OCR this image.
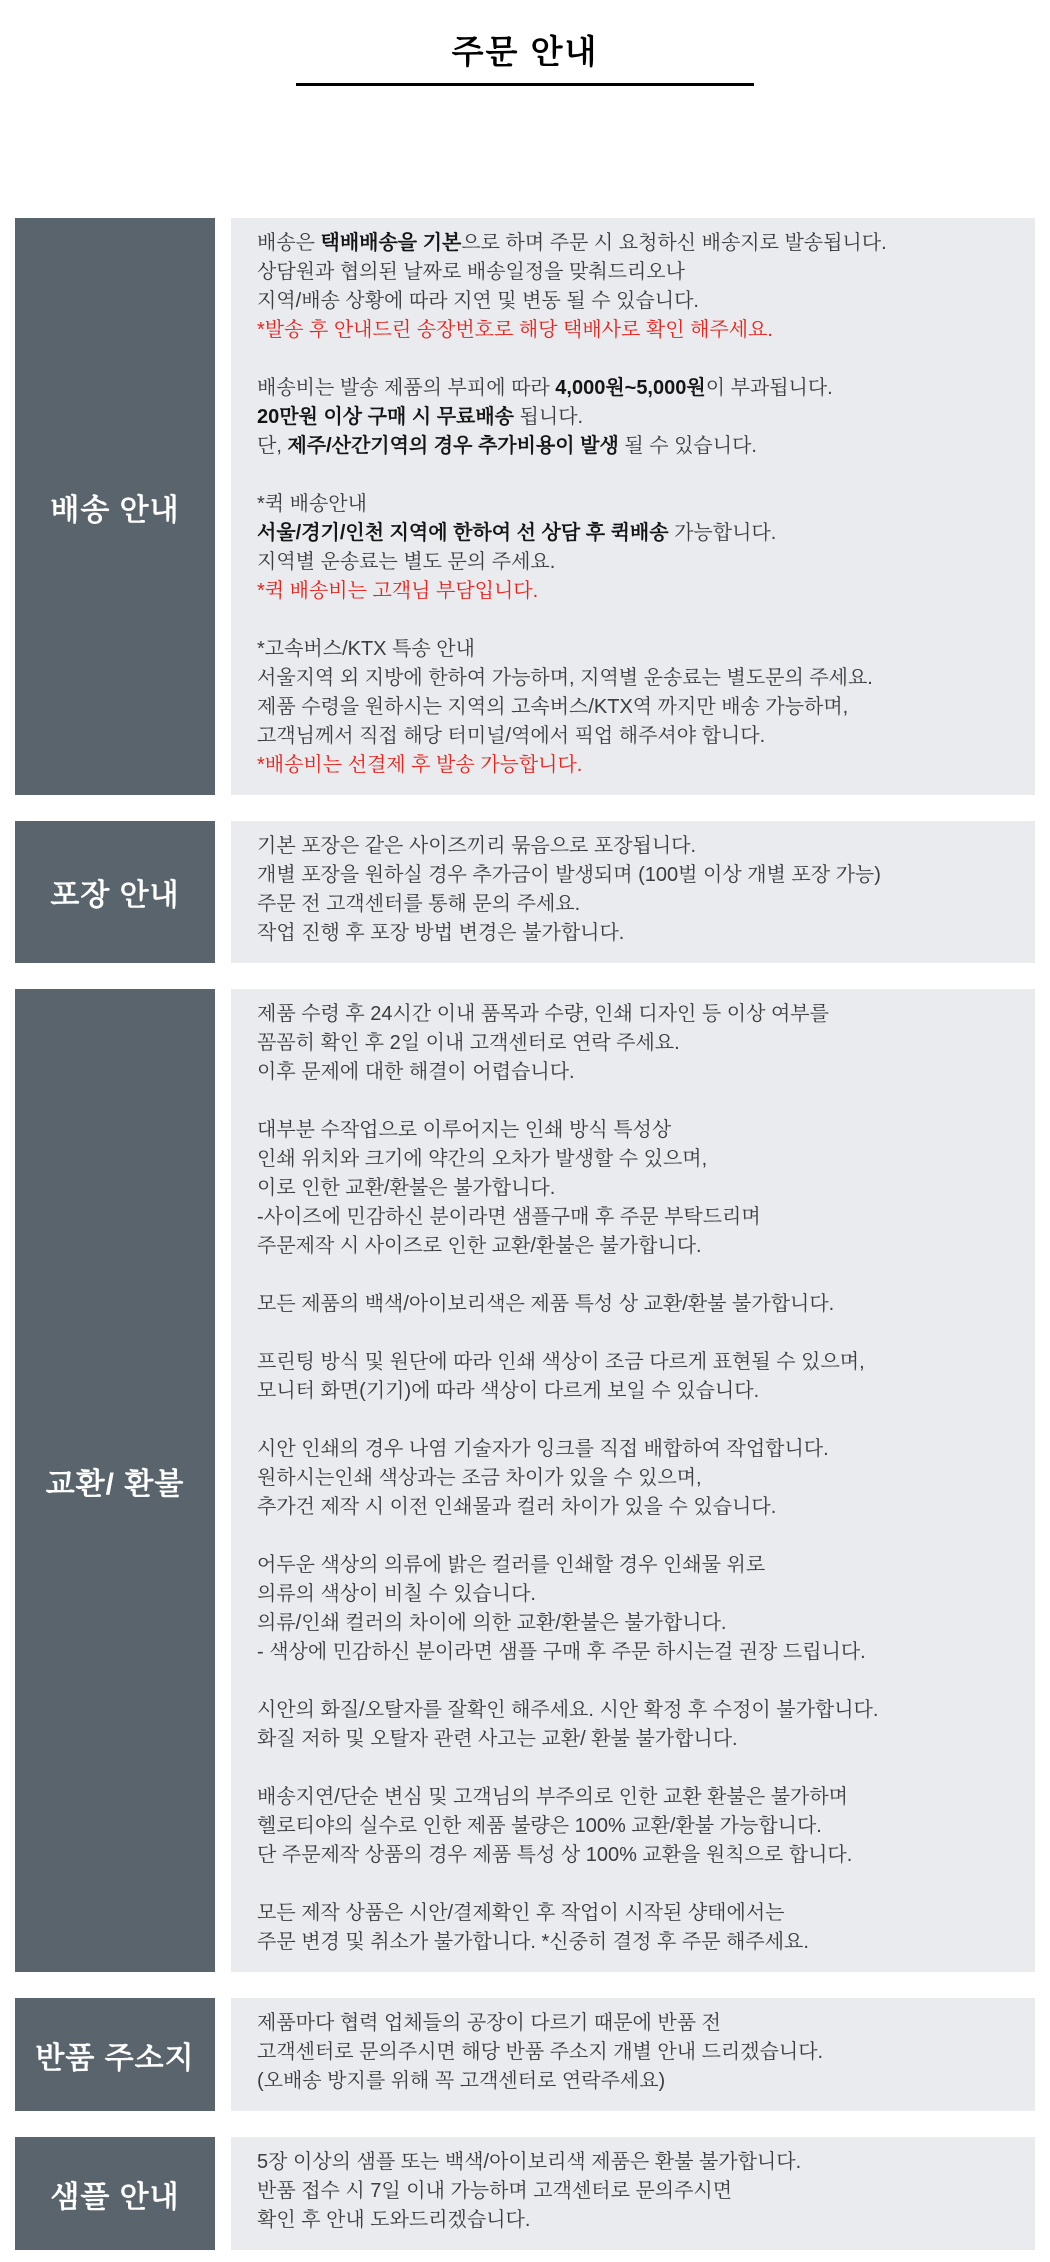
주문 안내
배송 안내
배송은 택배배송을 기본으로 하며 주문 시 요청하신 배송지로 발송됩니다.
상담원과 협의된 날짜로 배송일정을 맞춰드리오나
지역/배송 상황에 따라 지연 및 변동 될 수 있습니다.
*발송 후 안내드린 송장번호로 해당 택배사로 확인 해주세요.
배송비는 발송 제품의 부피에 따라 4,000원~5,000원이 부과됩니다.
20만원 이상 구매 시 무료배송 됩니다.
단, 제주/산간기역의 경우 추가비용이 발생 될 수 있습니다.
*퀵 배송안내
서울/경기/인천 지역에 한하여 선 상담 후 퀵배송 가능합니다.
지역별 운송료는 별도 문의 주세요.
*퀵 배송비는 고객님 부담입니다.
*고속버스/KTX 특송 안내
서울지역 외 지방에 한하여 가능하며, 지역별 운송료는 별도문의 주세요.
제품 수령을 원하시는 지역의 고속버스/KTX역 까지만 배송 가능하며,
고객님께서 직접 해당 터미널/역에서 픽업 해주셔야 합니다.
*배송비는 선결제 후 발송 가능합니다.
포장 안내
기본 포장은 같은 사이즈끼리 묶음으로 포장됩니다.
개별 포장을 원하실 경우 추가금이 발생되며 (100벌 이상 개별 포장 가능)
주문 전 고객센터를 통해 문의 주세요.
작업 진행 후 포장 방법 변경은 불가합니다.
교환/ 환불
제품 수령 후 24시간 이내 품목과 수량, 인쇄 디자인 등 이상 여부를
꼼꼼히 확인 후 2일 이내 고객센터로 연락 주세요.
이후 문제에 대한 해결이 어렵습니다.
대부분 수작업으로 이루어지는 인쇄 방식 특성상
인쇄 위치와 크기에 약간의 오차가 발생할 수 있으며,
이로 인한 교환/환불은 불가합니다.
-사이즈에 민감하신 분이라면 샘플구매 후 주문 부탁드리며
주문제작 시 사이즈로 인한 교환/환불은 불가합니다.
모든 제품의 백색/아이보리색은 제품 특성 상 교환/환불 불가합니다.
프린팅 방식 및 원단에 따라 인쇄 색상이 조금 다르게 표현될 수 있으며,
모니터 화면(기기)에 따라 색상이 다르게 보일 수 있습니다.
시안 인쇄의 경우 나염 기술자가 잉크를 직접 배합하여 작업합니다.
원하시는인쇄 색상과는 조금 차이가 있을 수 있으며,
추가건 제작 시 이전 인쇄물과 컬러 차이가 있을 수 있습니다.
어두운 색상의 의류에 밝은 컬러를 인쇄할 경우 인쇄물 위로
의류의 색상이 비칠 수 있습니다.
의류/인쇄 컬러의 차이에 의한 교환/환불은 불가합니다.
- 색상에 민감하신 분이라면 샘플 구매 후 주문 하시는걸 권장 드립니다.
시안의 화질/오탈자를 잘확인 해주세요. 시안 확정 후 수정이 불가합니다.
화질 저하 및 오탈자 관련 사고는 교환/ 환불 불가합니다.
배송지연/단순 변심 및 고객님의 부주의로 인한 교환 환불은 불가하며
헬로티야의 실수로 인한 제품 불량은 100% 교환/환불 가능합니다.
단 주문제작 상품의 경우 제품 특성 상 100% 교환을 원칙으로 합니다.
모든 제작 상품은 시안/결제확인 후 작업이 시작된 샹태에서는
주문 변경 및 취소가 불가합니다. *신중히 결정 후 주문 해주세요.
반품 주소지
제품마다 협력 업체들의 공장이 다르기 때문에 반품 전
고객센터로 문의주시면 해당 반품 주소지 개별 안내 드리겠습니다.
(오배송 방지를 위해 꼭 고객센터로 연락주세요)
샘플 안내
5장 이상의 샘플 또는 백색/아이보리색 제품은 환불 불가합니다.
반품 접수 시 7일 이내 가능하며 고객센터로 문의주시면
확인 후 안내 도와드리겠습니다.
